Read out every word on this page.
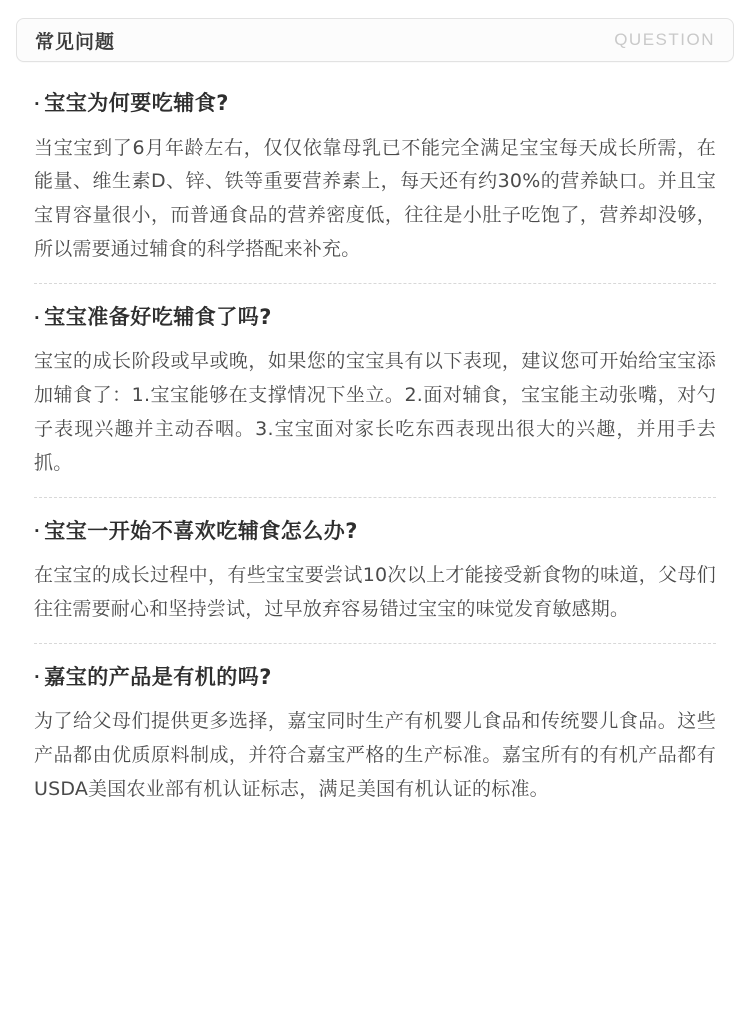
常见问题	QUESTION

· 宝宝为何要吃辅食?

当宝宝到了6月年龄左右，仅仅依靠母乳已不能完全满足宝宝每天成长所需，在能量、维生素D、锌、铁等重要营养素上，每天还有约30%的营养缺口。并且宝宝胃容量很小，而普通食品的营养密度低，往往是小肚子吃饱了，营养却没够，所以需要通过辅食的科学搭配来补充。

· 宝宝准备好吃辅食了吗?

宝宝的成长阶段或早或晚，如果您的宝宝具有以下表现，建议您可开始给宝宝添加辅食了：1.宝宝能够在支撑情况下坐立。2.面对辅食，宝宝能主动张嘴，对勺子表现兴趣并主动吞咽。3.宝宝面对家长吃东西表现出很大的兴趣，并用手去抓。

· 宝宝一开始不喜欢吃辅食怎么办?

在宝宝的成长过程中，有些宝宝要尝试10次以上才能接受新食物的味道，父母们往往需要耐心和坚持尝试，过早放弃容易错过宝宝的味觉发育敏感期。

· 嘉宝的产品是有机的吗?

为了给父母们提供更多选择，嘉宝同时生产有机婴儿食品和传统婴儿食品。这些产品都由优质原料制成，并符合嘉宝严格的生产标准。嘉宝所有的有机产品都有USDA美国农业部有机认证标志，满足美国有机认证的标准。
